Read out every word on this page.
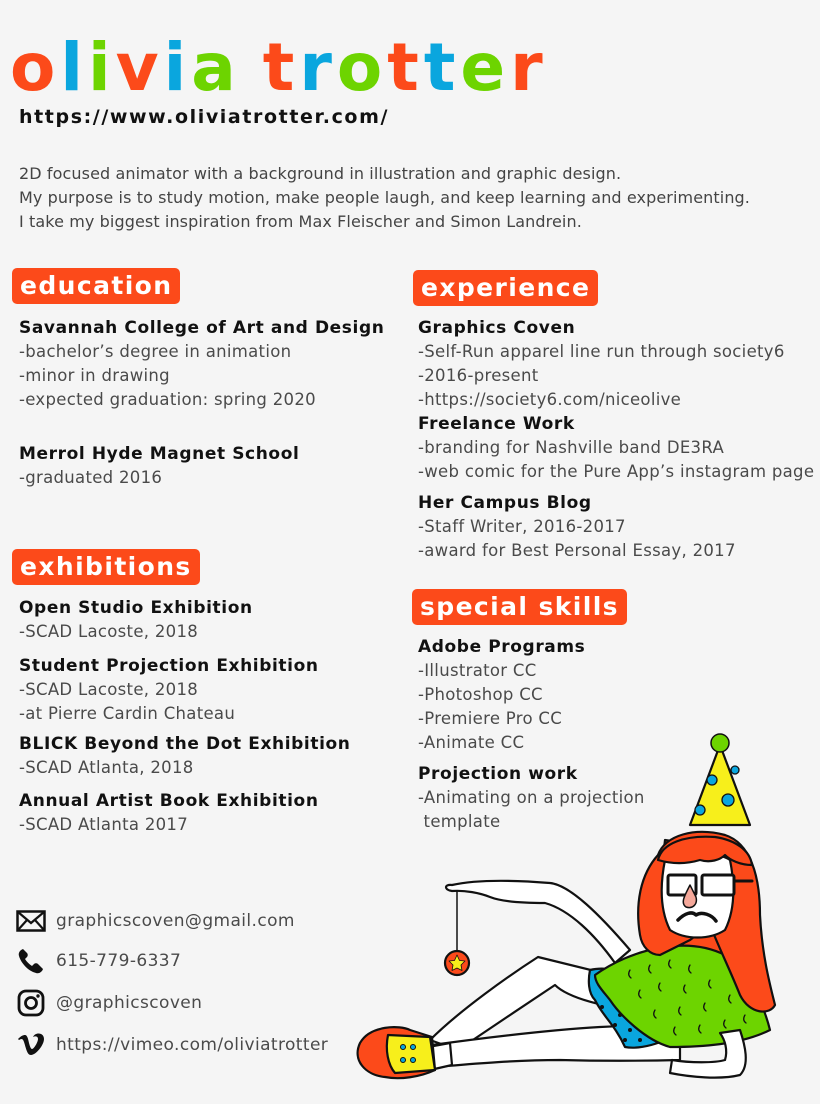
olivia trotter
https://www.oliviatrotter.com/
2D focused animator with a background in illustration and graphic design.
My purpose is to study motion, make people laugh, and keep learning and experimenting.
I take my biggest inspiration from Max Fleischer and Simon Landrein.
education
Savannah College of Art and Design
-bachelor’s degree in animation
-minor in drawing
-expected graduation: spring 2020
Merrol Hyde Magnet School
-graduated 2016
exhibitions
Open Studio Exhibition
-SCAD Lacoste, 2018
Student Projection Exhibition
-SCAD Lacoste, 2018
-at Pierre Cardin Chateau
BLICK Beyond the Dot Exhibition
-SCAD Atlanta, 2018
Annual Artist Book Exhibition
-SCAD Atlanta 2017
experience
Graphics Coven
-Self-Run apparel line run through society6
-2016-present
-https://society6.com/niceolive
Freelance Work
-branding for Nashville band DE3RA
-web comic for the Pure App’s instagram page
Her Campus Blog
-Staff Writer, 2016-2017
-award for Best Personal Essay, 2017
special skills
Adobe Programs
-Illustrator CC
-Photoshop CC
-Premiere Pro CC
-Animate CC
Projection work
-Animating on a projection
template
graphicscoven@gmail.com
615-779-6337
@graphicscoven
https://vimeo.com/oliviatrotter
